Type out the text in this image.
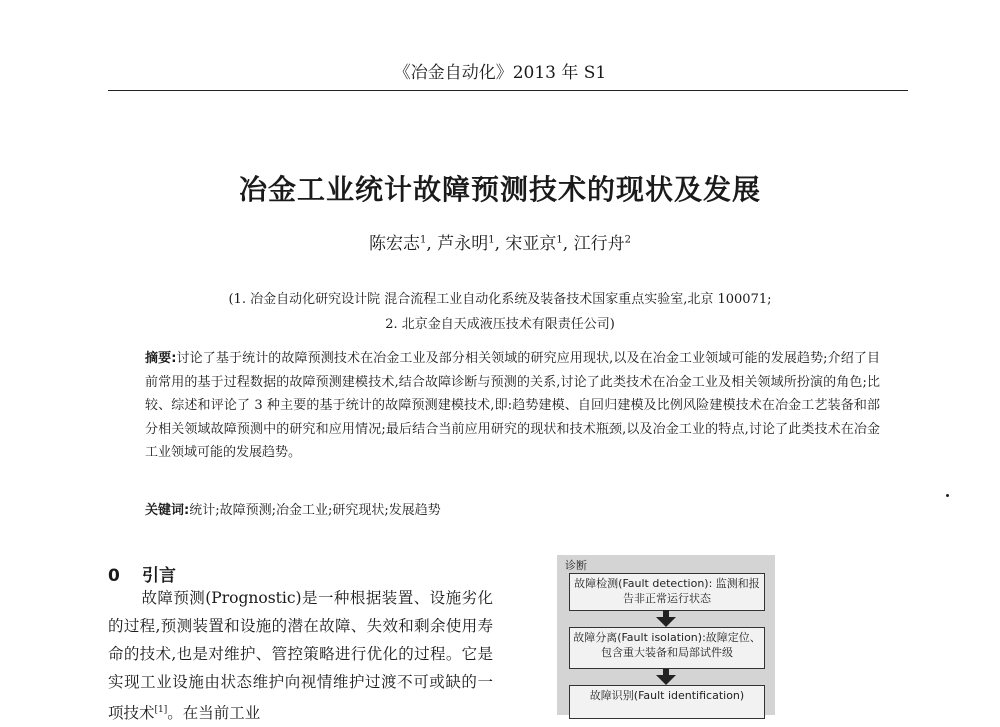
《冶金自动化》2013 年 S1
冶金工业统计故障预测技术的现状及发展
陈宏志$^1$, 芦永明$^1$, 宋亚京$^1$, 江行舟$^2$
(1. 冶金自动化研究设计院 混合流程工业自动化系统及装备技术国家重点实验室,北京 100071;
2. 北京金自天成液压技术有限责任公司)
摘要:讨论了基于统计的故障预测技术在冶金工业及部分相关领域的研究应用现状,以及在冶金工业领域可能的发展趋势;介绍了目前常用的基于过程数据的故障预测建模技术,结合故障诊断与预测的关系,讨论了此类技术在冶金工业及相关领域所扮演的角色;比较、综述和评论了 3 种主要的基于统计的故障预测建模技术,即:趋势建模、自回归建模及比例风险建模技术在冶金工艺装备和部分相关领域故障预测中的研究和应用情况;最后结合当前应用研究的现状和技术瓶颈,以及冶金工业的特点,讨论了此类技术在冶金工业领域可能的发展趋势。
关键词:统计;故障预测;冶金工业;研究现状;发展趋势
0 引言
故障预测(Prognostic)是一种根据装置、设施劣化的过程,预测装置和设施的潜在故障、失效和剩余使用寿命的技术,也是对维护、管控策略进行优化的过程。它是实现工业设施由状态维护向视情维护过渡不可或缺的一项技术[1]。在当前工业
诊断
故障检测(Fault detection): 监测和报告非正常运行状态
故障分离(Fault isolation):故障定位、包含重大装备和局部试件级
故障识别(Fault identification)
